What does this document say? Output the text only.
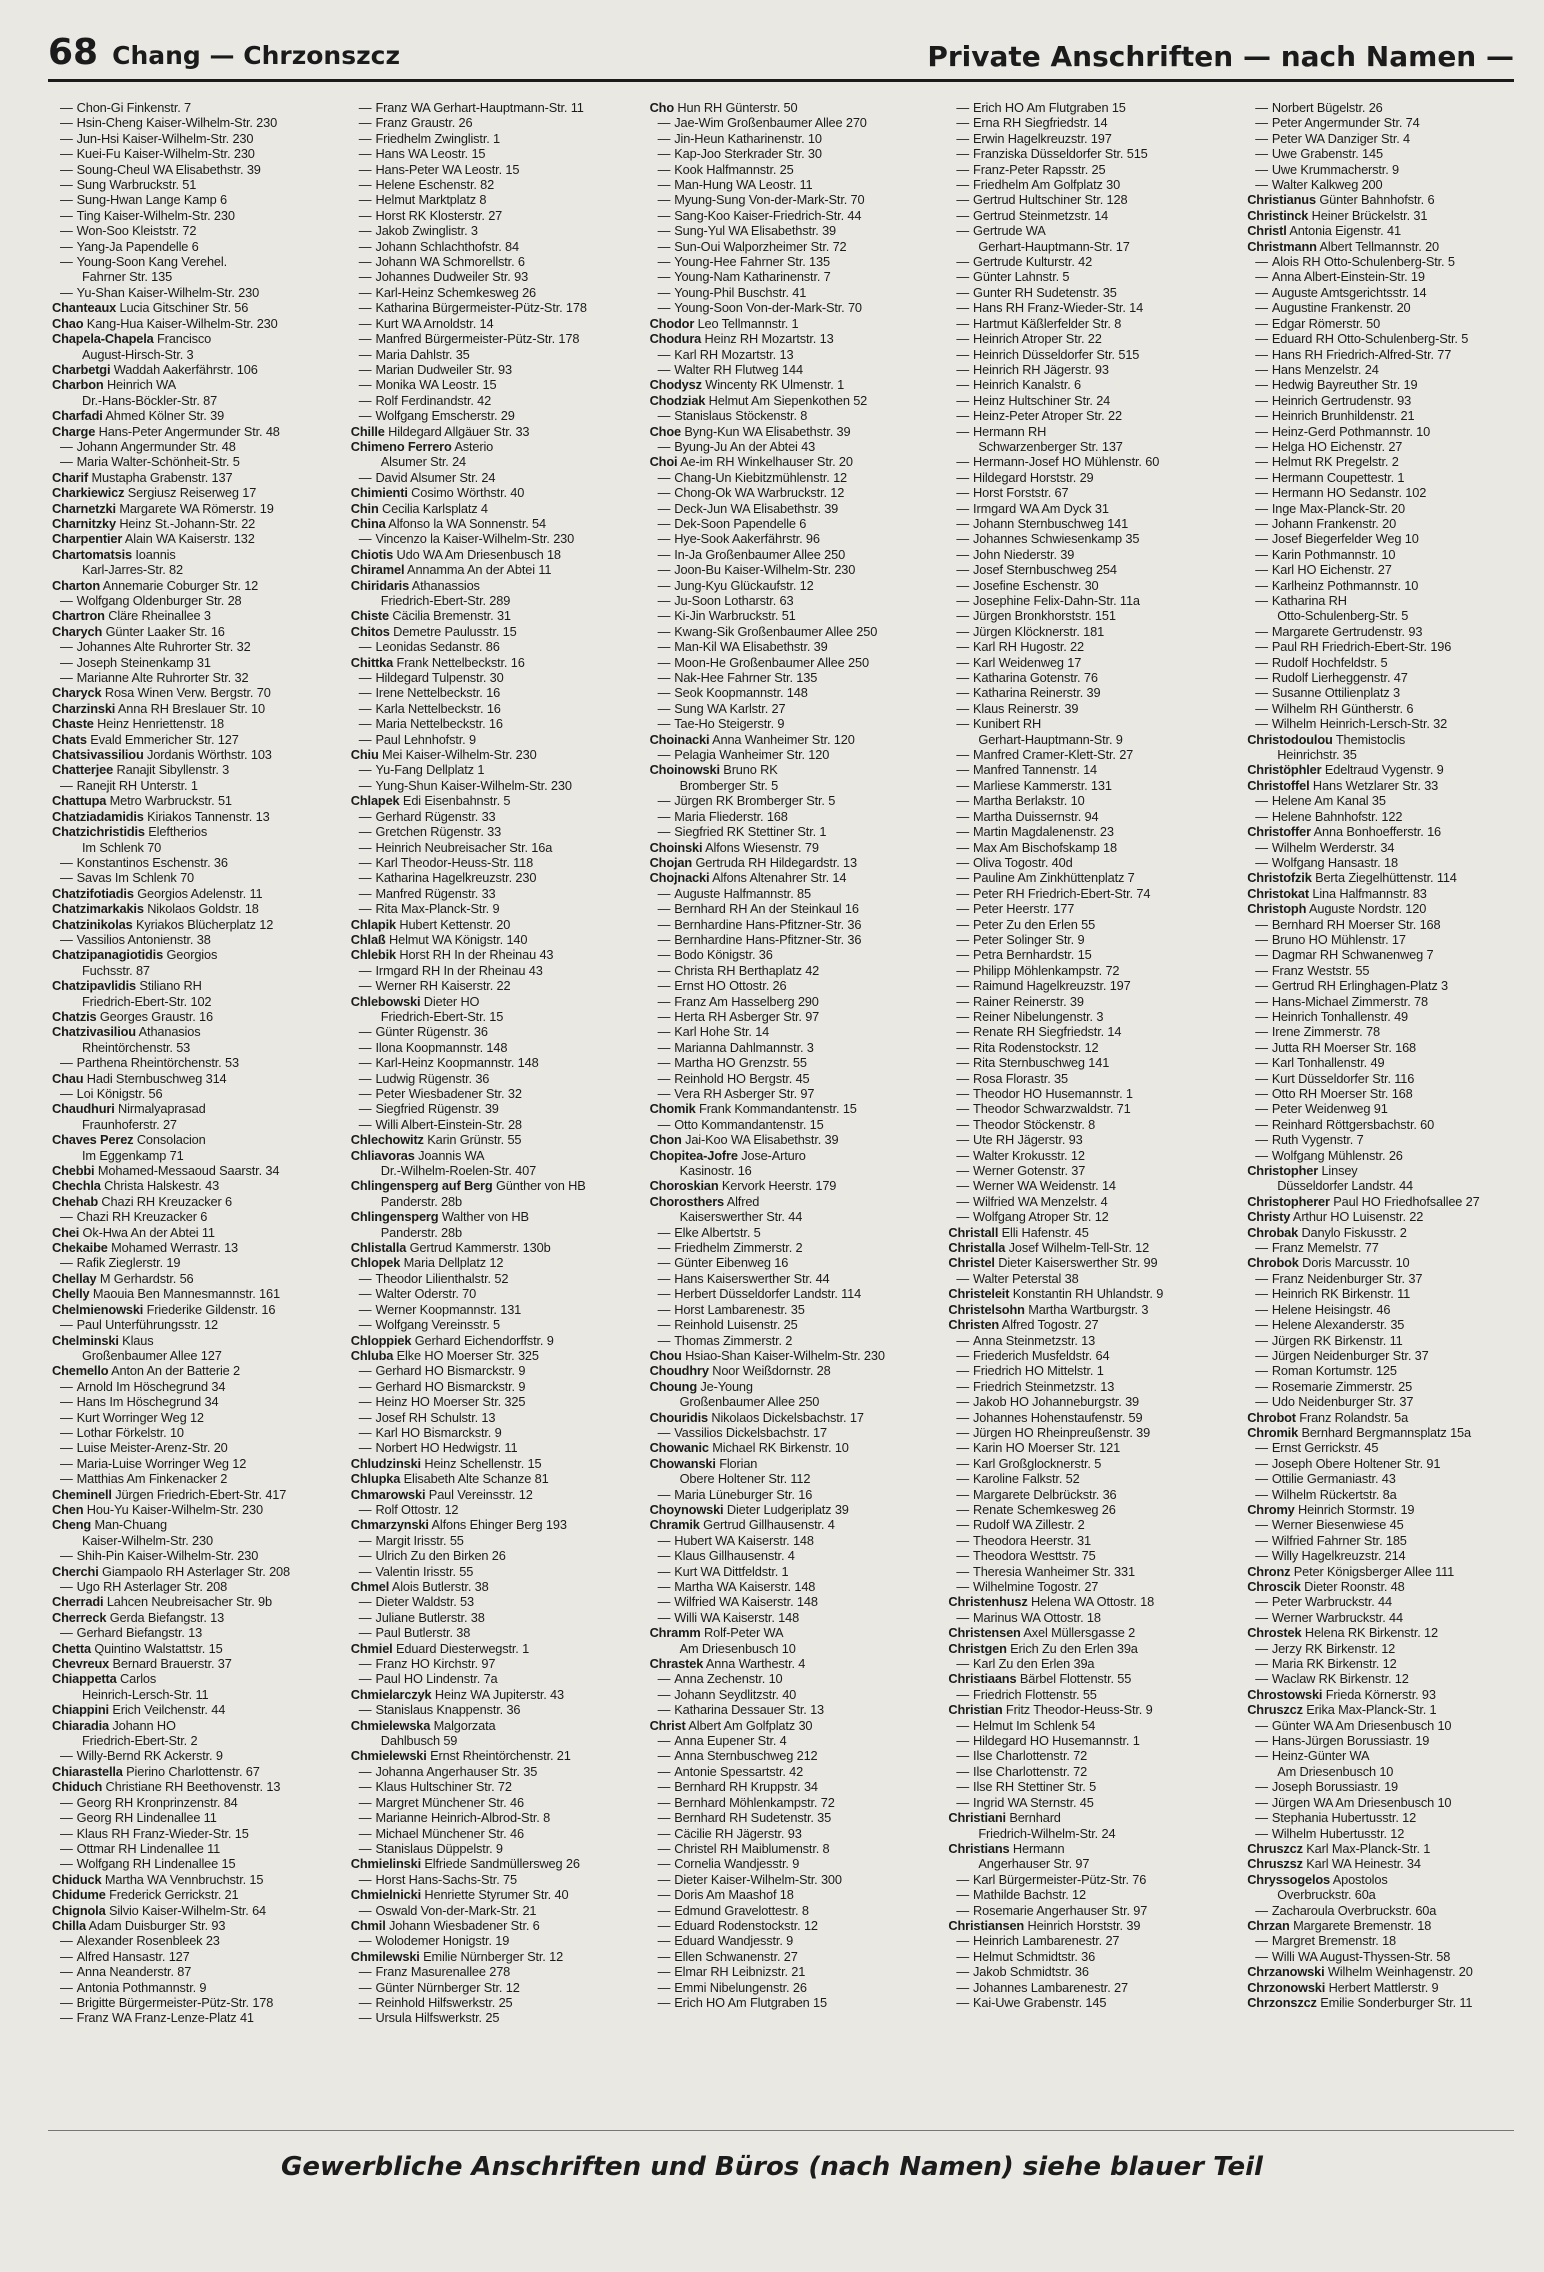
68 Chang — Chrzonszcz	Private Anschriften — nach Namen —
— Chon-Gi Finkenstr. 7
— Hsin-Cheng Kaiser-Wilhelm-Str. 230
— Jun-Hsi Kaiser-Wilhelm-Str. 230
— Kuei-Fu Kaiser-Wilhelm-Str. 230
— Soung-Cheul WA Elisabethstr. 39
— Sung Warbruckstr. 51
— Sung-Hwan Lange Kamp 6
— Ting Kaiser-Wilhelm-Str. 230
— Won-Soo Kleiststr. 72
— Yang-Ja Papendelle 6
— Young-Soon Kang Verehel.
Fahrner Str. 135
— Yu-Shan Kaiser-Wilhelm-Str. 230
Chanteaux Lucia Gitschiner Str. 56
Chao Kang-Hua Kaiser-Wilhelm-Str. 230
Chapela-Chapela Francisco
August-Hirsch-Str. 3
Charbetgi Waddah Aakerfährstr. 106
Charbon Heinrich WA
Dr.-Hans-Böckler-Str. 87
Charfadi Ahmed Kölner Str. 39
Charge Hans-Peter Angermunder Str. 48
— Johann Angermunder Str. 48
— Maria Walter-Schönheit-Str. 5
Charif Mustapha Grabenstr. 137
Charkiewicz Sergiusz Reiserweg 17
Charnetzki Margarete WA Römerstr. 19
Charnitzky Heinz St.-Johann-Str. 22
Charpentier Alain WA Kaiserstr. 132
Chartomatsis Ioannis
Karl-Jarres-Str. 82
Charton Annemarie Coburger Str. 12
— Wolfgang Oldenburger Str. 28
Chartron Cläre Rheinallee 3
Charych Günter Laaker Str. 16
— Johannes Alte Ruhrorter Str. 32
— Joseph Steinenkamp 31
— Marianne Alte Ruhrorter Str. 32
Charyck Rosa Winen Verw. Bergstr. 70
Charzinski Anna RH Breslauer Str. 10
Chaste Heinz Henriettenstr. 18
Chats Evald Emmericher Str. 127
Chatsivassiliou Jordanis Wörthstr. 103
Chatterjee Ranajit Sibyllenstr. 3
— Ranejit RH Unterstr. 1
Chattupa Metro Warbruckstr. 51
Chatziadamidis Kiriakos Tannenstr. 13
Chatzichristidis Eleftherios
Im Schlenk 70
— Konstantinos Eschenstr. 36
— Savas Im Schlenk 70
Chatzifotiadis Georgios Adelenstr. 11
Chatzimarkakis Nikolaos Goldstr. 18
Chatzinikolas Kyriakos Blücherplatz 12
— Vassilios Antonienstr. 38
Chatzipanagiotidis Georgios
Fuchsstr. 87
Chatzipavlidis Stiliano RH
Friedrich-Ebert-Str. 102
Chatzis Georges Graustr. 16
Chatzivasiliou Athanasios
Rheintörchenstr. 53
— Parthena Rheintörchenstr. 53
Chau Hadi Sternbuschweg 314
— Loi Königstr. 56
Chaudhuri Nirmalyaprasad
Fraunhoferstr. 27
Chaves Perez Consolacion
Im Eggenkamp 71
Chebbi Mohamed-Messaoud Saarstr. 34
Chechla Christa Halskestr. 43
Chehab Chazi RH Kreuzacker 6
— Chazi RH Kreuzacker 6
Chei Ok-Hwa An der Abtei 11
Chekaibe Mohamed Werrastr. 13
— Rafik Zieglerstr. 19
Chellay M Gerhardstr. 56
Chelly Maouia Ben Mannesmannstr. 161
Chelmienowski Friederike Gildenstr. 16
— Paul Unterführungsstr. 12
Chelminski Klaus
Großenbaumer Allee 127
Chemello Anton An der Batterie 2
— Arnold Im Höschegrund 34
— Hans Im Höschegrund 34
— Kurt Worringer Weg 12
— Lothar Förkelstr. 10
— Luise Meister-Arenz-Str. 20
— Maria-Luise Worringer Weg 12
— Matthias Am Finkenacker 2
Cheminell Jürgen Friedrich-Ebert-Str. 417
Chen Hou-Yu Kaiser-Wilhelm-Str. 230
Cheng Man-Chuang
Kaiser-Wilhelm-Str. 230
— Shih-Pin Kaiser-Wilhelm-Str. 230
Cherchi Giampaolo RH Asterlager Str. 208
— Ugo RH Asterlager Str. 208
Cherradi Lahcen Neubreisacher Str. 9b
Cherreck Gerda Biefangstr. 13
— Gerhard Biefangstr. 13
Chetta Quintino Walstattstr. 15
Chevreux Bernard Brauerstr. 37
Chiappetta Carlos
Heinrich-Lersch-Str. 11
Chiappini Erich Veilchenstr. 44
Chiaradia Johann HO
Friedrich-Ebert-Str. 2
— Willy-Bernd RK Ackerstr. 9
Chiarastella Pierino Charlottenstr. 67
Chiduch Christiane RH Beethovenstr. 13
— Georg RH Kronprinzenstr. 84
— Georg RH Lindenallee 11
— Klaus RH Franz-Wieder-Str. 15
— Ottmar RH Lindenallee 11
— Wolfgang RH Lindenallee 15
Chiduck Martha WA Vennbruchstr. 15
Chidume Frederick Gerrickstr. 21
Chignola Silvio Kaiser-Wilhelm-Str. 64
Chilla Adam Duisburger Str. 93
— Alexander Rosenbleek 23
— Alfred Hansastr. 127
— Anna Neanderstr. 87
— Antonia Pothmannstr. 9
— Brigitte Bürgermeister-Pütz-Str. 178
— Franz WA Franz-Lenze-Platz 41
— Franz WA Gerhart-Hauptmann-Str. 11
— Franz Graustr. 26
— Friedhelm Zwinglistr. 1
— Hans WA Leostr. 15
— Hans-Peter WA Leostr. 15
— Helene Eschenstr. 82
— Helmut Marktplatz 8
— Horst RK Klosterstr. 27
— Jakob Zwinglistr. 3
— Johann Schlachthofstr. 84
— Johann WA Schmorellstr. 6
— Johannes Dudweiler Str. 93
— Karl-Heinz Schemkesweg 26
— Katharina Bürgermeister-Pütz-Str. 178
— Kurt WA Arnoldstr. 14
— Manfred Bürgermeister-Pütz-Str. 178
— Maria Dahlstr. 35
— Marian Dudweiler Str. 93
— Monika WA Leostr. 15
— Rolf Ferdinandstr. 42
— Wolfgang Emscherstr. 29
Chille Hildegard Allgäuer Str. 33
Chimeno Ferrero Asterio
Alsumer Str. 24
— David Alsumer Str. 24
Chimienti Cosimo Wörthstr. 40
Chin Cecilia Karlsplatz 4
China Alfonso la WA Sonnenstr. 54
— Vincenzo la Kaiser-Wilhelm-Str. 230
Chiotis Udo WA Am Driesenbusch 18
Chiramel Annamma An der Abtei 11
Chiridaris Athanassios
Friedrich-Ebert-Str. 289
Chiste Cäcilia Bremenstr. 31
Chitos Demetre Paulusstr. 15
— Leonidas Sedanstr. 86
Chittka Frank Nettelbeckstr. 16
— Hildegard Tulpenstr. 30
— Irene Nettelbeckstr. 16
— Karla Nettelbeckstr. 16
— Maria Nettelbeckstr. 16
— Paul Lehnhofstr. 9
Chiu Mei Kaiser-Wilhelm-Str. 230
— Yu-Fang Dellplatz 1
— Yung-Shun Kaiser-Wilhelm-Str. 230
Chlapek Edi Eisenbahnstr. 5
— Gerhard Rügenstr. 33
— Gretchen Rügenstr. 33
— Heinrich Neubreisacher Str. 16a
— Karl Theodor-Heuss-Str. 118
— Katharina Hagelkreuzstr. 230
— Manfred Rügenstr. 33
— Rita Max-Planck-Str. 9
Chlapik Hubert Kettenstr. 20
Chlaß Helmut WA Königstr. 140
Chlebik Horst RH In der Rheinau 43
— Irmgard RH In der Rheinau 43
— Werner RH Kaiserstr. 22
Chlebowski Dieter HO
Friedrich-Ebert-Str. 15
— Günter Rügenstr. 36
— Ilona Koopmannstr. 148
— Karl-Heinz Koopmannstr. 148
— Ludwig Rügenstr. 36
— Peter Wiesbadener Str. 32
— Siegfried Rügenstr. 39
— Willi Albert-Einstein-Str. 28
Chlechowitz Karin Grünstr. 55
Chliavoras Joannis WA
Dr.-Wilhelm-Roelen-Str. 407
Chlingensperg auf Berg Günther von HB
Panderstr. 28b
Chlingensperg Walther von HB
Panderstr. 28b
Chlistalla Gertrud Kammerstr. 130b
Chlopek Maria Dellplatz 12
— Theodor Lilienthalstr. 52
— Walter Oderstr. 70
— Werner Koopmannstr. 131
— Wolfgang Vereinsstr. 5
Chloppiek Gerhard Eichendorffstr. 9
Chluba Elke HO Moerser Str. 325
— Gerhard HO Bismarckstr. 9
— Gerhard HO Bismarckstr. 9
— Heinz HO Moerser Str. 325
— Josef RH Schulstr. 13
— Karl HO Bismarckstr. 9
— Norbert HO Hedwigstr. 11
Chludzinski Heinz Schellenstr. 15
Chlupka Elisabeth Alte Schanze 81
Chmarowski Paul Vereinsstr. 12
— Rolf Ottostr. 12
Chmarzynski Alfons Ehinger Berg 193
— Margit Irisstr. 55
— Ulrich Zu den Birken 26
— Valentin Irisstr. 55
Chmel Alois Butlerstr. 38
— Dieter Waldstr. 53
— Juliane Butlerstr. 38
— Paul Butlerstr. 38
Chmiel Eduard Diesterwegstr. 1
— Franz HO Kirchstr. 97
— Paul HO Lindenstr. 7a
Chmielarczyk Heinz WA Jupiterstr. 43
— Stanislaus Knappenstr. 36
Chmielewska Malgorzata
Dahlbusch 59
Chmielewski Ernst Rheintörchenstr. 21
— Johanna Angerhauser Str. 35
— Klaus Hultschiner Str. 72
— Margret Münchener Str. 46
— Marianne Heinrich-Albrod-Str. 8
— Michael Münchener Str. 46
— Stanislaus Düppelstr. 9
Chmielinski Elfriede Sandmüllersweg 26
— Horst Hans-Sachs-Str. 75
Chmielnicki Henriette Styrumer Str. 40
— Oswald Von-der-Mark-Str. 21
Chmil Johann Wiesbadener Str. 6
— Wolodemer Honigstr. 19
Chmilewski Emilie Nürnberger Str. 12
— Franz Masurenallee 278
— Günter Nürnberger Str. 12
— Reinhold Hilfswerkstr. 25
— Ursula Hilfswerkstr. 25
Cho Hun RH Günterstr. 50
— Jae-Wim Großenbaumer Allee 270
— Jin-Heun Katharinenstr. 10
— Kap-Joo Sterkrader Str. 30
— Kook Halfmannstr. 25
— Man-Hung WA Leostr. 11
— Myung-Sung Von-der-Mark-Str. 70
— Sang-Koo Kaiser-Friedrich-Str. 44
— Sung-Yul WA Elisabethstr. 39
— Sun-Oui Walporzheimer Str. 72
— Young-Hee Fahrner Str. 135
— Young-Nam Katharinenstr. 7
— Young-Phil Buschstr. 41
— Young-Soon Von-der-Mark-Str. 70
Chodor Leo Tellmannstr. 1
Chodura Heinz RH Mozartstr. 13
— Karl RH Mozartstr. 13
— Walter RH Flutweg 144
Chodysz Wincenty RK Ulmenstr. 1
Chodziak Helmut Am Siepenkothen 52
— Stanislaus Stöckenstr. 8
Choe Byng-Kun WA Elisabethstr. 39
— Byung-Ju An der Abtei 43
Choi Ae-im RH Winkelhauser Str. 20
— Chang-Un Kiebitzmühlenstr. 12
— Chong-Ok WA Warbruckstr. 12
— Deck-Jun WA Elisabethstr. 39
— Dek-Soon Papendelle 6
— Hye-Sook Aakerfährstr. 96
— In-Ja Großenbaumer Allee 250
— Joon-Bu Kaiser-Wilhelm-Str. 230
— Jung-Kyu Glückaufstr. 12
— Ju-Soon Lotharstr. 63
— Ki-Jin Warbruckstr. 51
— Kwang-Sik Großenbaumer Allee 250
— Man-Kil WA Elisabethstr. 39
— Moon-He Großenbaumer Allee 250
— Nak-Hee Fahrner Str. 135
— Seok Koopmannstr. 148
— Sung WA Karlstr. 27
— Tae-Ho Steigerstr. 9
Choinacki Anna Wanheimer Str. 120
— Pelagia Wanheimer Str. 120
Choinowski Bruno RK
Bromberger Str. 5
— Jürgen RK Bromberger Str. 5
— Maria Fliederstr. 168
— Siegfried RK Stettiner Str. 1
Choinski Alfons Wiesenstr. 79
Chojan Gertruda RH Hildegardstr. 13
Chojnacki Alfons Altenahrer Str. 14
— Auguste Halfmannstr. 85
— Bernhard RH An der Steinkaul 16
— Bernhardine Hans-Pfitzner-Str. 36
— Bernhardine Hans-Pfitzner-Str. 36
— Bodo Königstr. 36
— Christa RH Berthaplatz 42
— Ernst HO Ottostr. 26
— Franz Am Hasselberg 290
— Herta RH Asberger Str. 97
— Karl Hohe Str. 14
— Marianna Dahlmannstr. 3
— Martha HO Grenzstr. 55
— Reinhold HO Bergstr. 45
— Vera RH Asberger Str. 97
Chomik Frank Kommandantenstr. 15
— Otto Kommandantenstr. 15
Chon Jai-Koo WA Elisabethstr. 39
Chopitea-Jofre Jose-Arturo
Kasinostr. 16
Choroskian Kervork Heerstr. 179
Chorosthers Alfred
Kaiserswerther Str. 44
— Elke Albertstr. 5
— Friedhelm Zimmerstr. 2
— Günter Eibenweg 16
— Hans Kaiserswerther Str. 44
— Herbert Düsseldorfer Landstr. 114
— Horst Lambarenestr. 35
— Reinhold Luisenstr. 25
— Thomas Zimmerstr. 2
Chou Hsiao-Shan Kaiser-Wilhelm-Str. 230
Choudhry Noor Weißdornstr. 28
Choung Je-Young
Großenbaumer Allee 250
Chouridis Nikolaos Dickelsbachstr. 17
— Vassilios Dickelsbachstr. 17
Chowanic Michael RK Birkenstr. 10
Chowanski Florian
Obere Holtener Str. 112
— Maria Lüneburger Str. 16
Choynowski Dieter Ludgeriplatz 39
Chramik Gertrud Gillhausenstr. 4
— Hubert WA Kaiserstr. 148
— Klaus Gillhausenstr. 4
— Kurt WA Dittfeldstr. 1
— Martha WA Kaiserstr. 148
— Wilfried WA Kaiserstr. 148
— Willi WA Kaiserstr. 148
Chramm Rolf-Peter WA
Am Driesenbusch 10
Chrastek Anna Warthestr. 4
— Anna Zechenstr. 10
— Johann Seydlitzstr. 40
— Katharina Dessauer Str. 13
Christ Albert Am Golfplatz 30
— Anna Eupener Str. 4
— Anna Sternbuschweg 212
— Antonie Spessartstr. 42
— Bernhard RH Kruppstr. 34
— Bernhard Möhlenkampstr. 72
— Bernhard RH Sudetenstr. 35
— Cäcilie RH Jägerstr. 93
— Christel RH Maiblumenstr. 8
— Cornelia Wandjesstr. 9
— Dieter Kaiser-Wilhelm-Str. 300
— Doris Am Maashof 18
— Edmund Gravelottestr. 8
— Eduard Rodenstockstr. 12
— Eduard Wandjesstr. 9
— Ellen Schwanenstr. 27
— Elmar RH Leibnizstr. 21
— Emmi Nibelungenstr. 26
— Erich HO Am Flutgraben 15
— Erich HO Am Flutgraben 15
— Erna RH Siegfriedstr. 14
— Erwin Hagelkreuzstr. 197
— Franziska Düsseldorfer Str. 515
— Franz-Peter Rapsstr. 25
— Friedhelm Am Golfplatz 30
— Gertrud Hultschiner Str. 128
— Gertrud Steinmetzstr. 14
— Gertrude WA
Gerhart-Hauptmann-Str. 17
— Gertrude Kulturstr. 42
— Günter Lahnstr. 5
— Gunter RH Sudetenstr. 35
— Hans RH Franz-Wieder-Str. 14
— Hartmut Käßlerfelder Str. 8
— Heinrich Atroper Str. 22
— Heinrich Düsseldorfer Str. 515
— Heinrich RH Jägerstr. 93
— Heinrich Kanalstr. 6
— Heinz Hultschiner Str. 24
— Heinz-Peter Atroper Str. 22
— Hermann RH
Schwarzenberger Str. 137
— Hermann-Josef HO Mühlenstr. 60
— Hildegard Horststr. 29
— Horst Forststr. 67
— Irmgard WA Am Dyck 31
— Johann Sternbuschweg 141
— Johannes Schwiesenkamp 35
— John Niederstr. 39
— Josef Sternbuschweg 254
— Josefine Eschenstr. 30
— Josephine Felix-Dahn-Str. 11a
— Jürgen Bronkhorststr. 151
— Jürgen Klöcknerstr. 181
— Karl RH Hugostr. 22
— Karl Weidenweg 17
— Katharina Gotenstr. 76
— Katharina Reinerstr. 39
— Klaus Reinerstr. 39
— Kunibert RH
Gerhart-Hauptmann-Str. 9
— Manfred Cramer-Klett-Str. 27
— Manfred Tannenstr. 14
— Marliese Kammerstr. 131
— Martha Berlakstr. 10
— Martha Duissernstr. 94
— Martin Magdalenenstr. 23
— Max Am Bischofskamp 18
— Oliva Togostr. 40d
— Pauline Am Zinkhüttenplatz 7
— Peter RH Friedrich-Ebert-Str. 74
— Peter Heerstr. 177
— Peter Zu den Erlen 55
— Peter Solinger Str. 9
— Petra Bernhardstr. 15
— Philipp Möhlenkampstr. 72
— Raimund Hagelkreuzstr. 197
— Rainer Reinerstr. 39
— Reiner Nibelungenstr. 3
— Renate RH Siegfriedstr. 14
— Rita Rodenstockstr. 12
— Rita Sternbuschweg 141
— Rosa Florastr. 35
— Theodor HO Husemannstr. 1
— Theodor Schwarzwaldstr. 71
— Theodor Stöckenstr. 8
— Ute RH Jägerstr. 93
— Walter Krokusstr. 12
— Werner Gotenstr. 37
— Werner WA Weidenstr. 14
— Wilfried WA Menzelstr. 4
— Wolfgang Atroper Str. 12
Christall Elli Hafenstr. 45
Christalla Josef Wilhelm-Tell-Str. 12
Christel Dieter Kaiserswerther Str. 99
— Walter Peterstal 38
Christeleit Konstantin RH Uhlandstr. 9
Christelsohn Martha Wartburgstr. 3
Christen Alfred Togostr. 27
— Anna Steinmetzstr. 13
— Friederich Musfeldstr. 64
— Friedrich HO Mittelstr. 1
— Friedrich Steinmetzstr. 13
— Jakob HO Johanneburgstr. 39
— Johannes Hohenstaufenstr. 59
— Jürgen HO Rheinpreußenstr. 39
— Karin HO Moerser Str. 121
— Karl Großglocknerstr. 5
— Karoline Falkstr. 52
— Margarete Delbrückstr. 36
— Renate Schemkesweg 26
— Rudolf WA Zillestr. 2
— Theodora Heerstr. 31
— Theodora Westtstr. 75
— Theresia Wanheimer Str. 331
— Wilhelmine Togostr. 27
Christenhusz Helena WA Ottostr. 18
— Marinus WA Ottostr. 18
Christensen Axel Müllersgasse 2
Christgen Erich Zu den Erlen 39a
— Karl Zu den Erlen 39a
Christiaans Bärbel Flottenstr. 55
— Friedrich Flottenstr. 55
Christian Fritz Theodor-Heuss-Str. 9
— Helmut Im Schlenk 54
— Hildegard HO Husemannstr. 1
— Ilse Charlottenstr. 72
— Ilse Charlottenstr. 72
— Ilse RH Stettiner Str. 5
— Ingrid WA Sternstr. 45
Christiani Bernhard
Friedrich-Wilhelm-Str. 24
Christians Hermann
Angerhauser Str. 97
— Karl Bürgermeister-Pütz-Str. 76
— Mathilde Bachstr. 12
— Rosemarie Angerhauser Str. 97
Christiansen Heinrich Horststr. 39
— Heinrich Lambarenestr. 27
— Helmut Schmidtstr. 36
— Jakob Schmidtstr. 36
— Johannes Lambarenestr. 27
— Kai-Uwe Grabenstr. 145
— Norbert Bügelstr. 26
— Peter Angermunder Str. 74
— Peter WA Danziger Str. 4
— Uwe Grabenstr. 145
— Uwe Krummacherstr. 9
— Walter Kalkweg 200
Christianus Günter Bahnhofstr. 6
Christinck Heiner Brückelstr. 31
Christl Antonia Eigenstr. 41
Christmann Albert Tellmannstr. 20
— Alois RH Otto-Schulenberg-Str. 5
— Anna Albert-Einstein-Str. 19
— Auguste Amtsgerichtsstr. 14
— Augustine Frankenstr. 20
— Edgar Römerstr. 50
— Eduard RH Otto-Schulenberg-Str. 5
— Hans RH Friedrich-Alfred-Str. 77
— Hans Menzelstr. 24
— Hedwig Bayreuther Str. 19
— Heinrich Gertrudenstr. 93
— Heinrich Brunhildenstr. 21
— Heinz-Gerd Pothmannstr. 10
— Helga HO Eichenstr. 27
— Helmut RK Pregelstr. 2
— Hermann Coupettestr. 1
— Hermann HO Sedanstr. 102
— Inge Max-Planck-Str. 20
— Johann Frankenstr. 20
— Josef Biegerfelder Weg 10
— Karin Pothmannstr. 10
— Karl HO Eichenstr. 27
— Karlheinz Pothmannstr. 10
— Katharina RH
Otto-Schulenberg-Str. 5
— Margarete Gertrudenstr. 93
— Paul RH Friedrich-Ebert-Str. 196
— Rudolf Hochfeldstr. 5
— Rudolf Lierheggenstr. 47
— Susanne Ottilienplatz 3
— Wilhelm RH Güntherstr. 6
— Wilhelm Heinrich-Lersch-Str. 32
Christodoulou Themistoclis
Heinrichstr. 35
Christöphler Edeltraud Vygenstr. 9
Christoffel Hans Wetzlarer Str. 33
— Helene Am Kanal 35
— Helene Bahnhofstr. 122
Christoffer Anna Bonhoefferstr. 16
— Wilhelm Werderstr. 34
— Wolfgang Hansastr. 18
Christofzik Berta Ziegelhüttenstr. 114
Christokat Lina Halfmannstr. 83
Christoph Auguste Nordstr. 120
— Bernhard RH Moerser Str. 168
— Bruno HO Mühlenstr. 17
— Dagmar RH Schwanenweg 7
— Franz Weststr. 55
— Gertrud RH Erlinghagen-Platz 3
— Hans-Michael Zimmerstr. 78
— Heinrich Tonhallenstr. 49
— Irene Zimmerstr. 78
— Jutta RH Moerser Str. 168
— Karl Tonhallenstr. 49
— Kurt Düsseldorfer Str. 116
— Otto RH Moerser Str. 168
— Peter Weidenweg 91
— Reinhard Röttgersbachstr. 60
— Ruth Vygenstr. 7
— Wolfgang Mühlenstr. 26
Christopher Linsey
Düsseldorfer Landstr. 44
Christopherer Paul HO Friedhofsallee 27
Christy Arthur HO Luisenstr. 22
Chrobak Danylo Fiskusstr. 2
— Franz Memelstr. 77
Chrobok Doris Marcusstr. 10
— Franz Neidenburger Str. 37
— Heinrich RK Birkenstr. 11
— Helene Heisingstr. 46
— Helene Alexanderstr. 35
— Jürgen RK Birkenstr. 11
— Jürgen Neidenburger Str. 37
— Roman Kortumstr. 125
— Rosemarie Zimmerstr. 25
— Udo Neidenburger Str. 37
Chrobot Franz Rolandstr. 5a
Chromik Bernhard Bergmannsplatz 15a
— Ernst Gerrickstr. 45
— Joseph Obere Holtener Str. 91
— Ottilie Germaniastr. 43
— Wilhelm Rückertstr. 8a
Chromy Heinrich Stormstr. 19
— Werner Biesenwiese 45
— Wilfried Fahrner Str. 185
— Willy Hagelkreuzstr. 214
Chronz Peter Königsberger Allee 111
Chroscik Dieter Roonstr. 48
— Peter Warbruckstr. 44
— Werner Warbruckstr. 44
Chrostek Helena RK Birkenstr. 12
— Jerzy RK Birkenstr. 12
— Maria RK Birkenstr. 12
— Waclaw RK Birkenstr. 12
Chrostowski Frieda Körnerstr. 93
Chruszcz Erika Max-Planck-Str. 1
— Günter WA Am Driesenbusch 10
— Hans-Jürgen Borussiastr. 19
— Heinz-Günter WA
Am Driesenbusch 10
— Joseph Borussiastr. 19
— Jürgen WA Am Driesenbusch 10
— Stephania Hubertusstr. 12
— Wilhelm Hubertusstr. 12
Chruszcz Karl Max-Planck-Str. 1
Chruszsz Karl WA Heinestr. 34
Chryssogelos Apostolos
Overbruckstr. 60a
— Zacharoula Overbruckstr. 60a
Chrzan Margarete Bremenstr. 18
— Margret Bremenstr. 18
— Willi WA August-Thyssen-Str. 58
Chrzanowski Wilhelm Weinhagenstr. 20
Chrzonowski Herbert Mattlerstr. 9
Chrzonszcz Emilie Sonderburger Str. 11
Gewerbliche Anschriften und Büros (nach Namen) siehe blauer Teil
